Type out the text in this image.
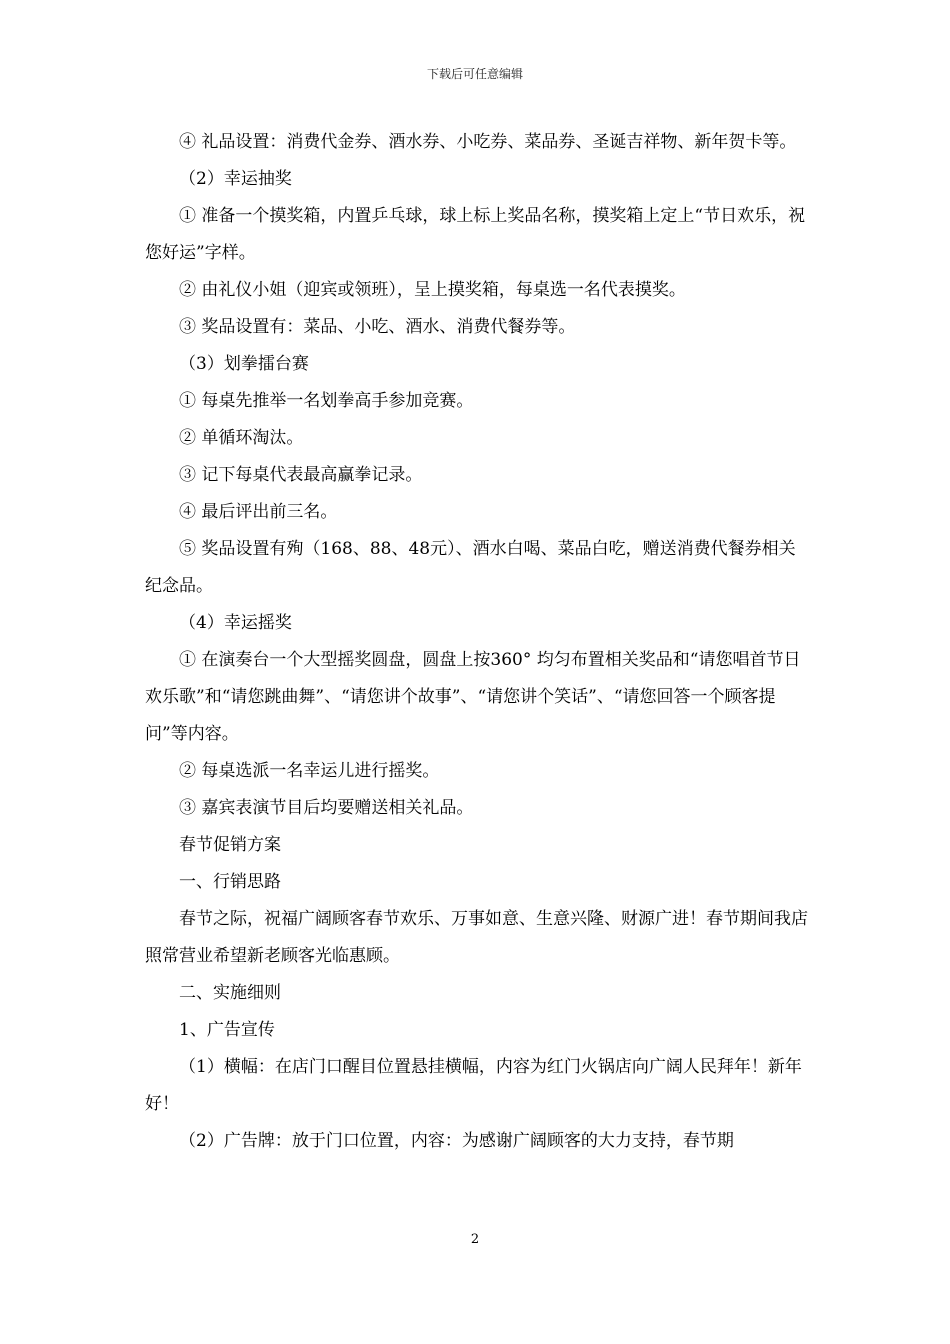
下载后可任意编辑

④ 礼品设置：消费代金券、酒水券、小吃券、菜品券、圣诞吉祥物、新年贺卡等。

（2）幸运抽奖

① 准备一个摸奖箱，内置乒乓球，球上标上奖品名称，摸奖箱上定上“节日欢乐，祝您好运”字样。

② 由礼仪小姐（迎宾或领班），呈上摸奖箱，每桌选一名代表摸奖。

③ 奖品设置有：菜品、小吃、酒水、消费代餐券等。

（3）划拳擂台赛

① 每桌先推举一名划拳高手参加竞赛。

② 单循环淘汰。

③ 记下每桌代表最高赢拳记录。

④ 最后评出前三名。

⑤ 奖品设置有殉（168、88、48元）、酒水白喝、菜品白吃，赠送消费代餐券相关纪念品。

（4）幸运摇奖

① 在演奏台一个大型摇奖圆盘，圆盘上按360° 均匀布置相关奖品和“请您唱首节日欢乐歌”和“请您跳曲舞”、“请您讲个故事”、“请您讲个笑话”、“请您回答一个顾客提问”等内容。

② 每桌选派一名幸运儿进行摇奖。

③ 嘉宾表演节目后均要赠送相关礼品。

春节促销方案

一、行销思路

春节之际，祝福广阔顾客春节欢乐、万事如意、生意兴隆、财源广进！春节期间我店照常营业希望新老顾客光临惠顾。

二、实施细则

1、广告宣传

（1）横幅：在店门口醒目位置悬挂横幅，内容为红门火锅店向广阔人民拜年！新年好！

（2）广告牌：放于门口位置，内容：为感谢广阔顾客的大力支持，春节期

2
